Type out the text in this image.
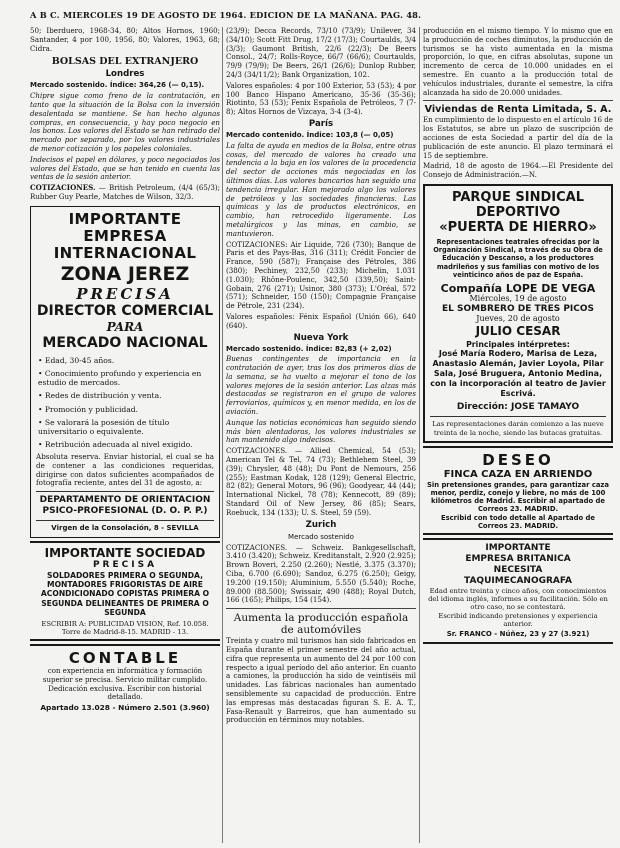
A B C. MIERCOLES 19 DE AGOSTO DE 1964. EDICION DE LA MAÑANA. PAG. 48.

50; Iberduero, 1968-34, 80; Altos Hornos, 1960; Santander, 4 por 100, 1956, 80; Valores, 1963, 68; Cidra.

BOLSAS DEL EXTRANJERO
Londres

Mercado sostenido. Índice: 364,26 (— 0,15).

Chipre sigue como freno de la contratación, en tanto que la situación de la Bolsa con la inversión desalentada se mantiene. Se han hecho algunas compras, en consecuencia, y hay poco negocio en los bonos. Los valores del Estado se han retirado del mercado por separado, por los valores industriales de menor cotización y los papeles coloniales.

Indecisos el papel en dólares, y poco negociados los valores del Estado, que se han tenido en cuenta las ventas de la sesión anterior.

COTIZACIONES. — British Petroleum, (4/4 (65/3); Rubber Guy Pearle, Matches de Wilson, 32/3.

IMPORTANTE
EMPRESA INTERNACIONAL
ZONA JEREZ
PRECISA
DIRECTOR COMERCIAL
PARA
MERCADO NACIONAL
• Edad, 30-45 años.
• Conocimiento profundo y experiencia en estudio de mercados.
• Redes de distribución y venta.
• Promoción y publicidad.
• Se valorará la posesión de título universitario o equivalente.
• Retribución adecuada al nivel exigido.

Absoluta reserva. Enviar historial, el cual se ha de contener a las condiciones requeridas, dirigirse con datos suficientes acompañados de fotografía reciente, antes del 31 de agosto, a:

DEPARTAMENTO DE ORIENTACION
PSICO-PROFESIONAL (D. O. P. P.)
Virgen de la Consolación, 8 - SEVILLA
IMPORTANTE SOCIEDAD
PRECISA
SOLDADORES PRIMERA O SEGUNDA, MONTADORES FRIGORISTAS DE AIRE ACONDICIONADO COPISTAS PRIMERA O SEGUNDA DELINEANTES DE PRIMERA O SEGUNDA
ESCRIBIR A: PUBLICIDAD VISION, Ref. 10.058. Torre de Madrid-8-15. MADRID - 13.
CONTABLE
con experiencia en informática y formación superior se precisa. Servicio militar cumplido. Dedicación exclusiva. Escribir con historial detallado.
Apartado 13.028 - Número 2.501 (3.960)

(23/9); Decca Records, 73/10 (73/9); Unilever, 34 (34/10); Scott Fitt Drug, 17/2 (17/3); Courtaulds, 3/4 (3/3); Gaumont British, 22/6 (22/3); De Beers Consol., 24/7; Rolls-Royce, 66/7 (66/6); Courtaulds, 79/9 (79/9); De Beers, 26/1 (26/6); Dunlop Rubber, 24/3 (34/11/2); Bank Organization, 102.

Valores españoles: 4 por 100 Exterior, 53 (53); 4 por 100 Banco Hispano Americano, 35-36 (35-36); Riotinto, 53 (53); Fenix Española de Petróleos, 7 (7-8); Altos Hornos de Vizcaya, 3-4 (3-4).

París

Mercado contenido. Índice: 103,8 (— 0,05)

La falta de ayuda en medios de la Bolsa, entre otras cosas, del mercado de valores ha creado una tendencia a la baja en los valores de la procedencia del sector de acciones más negociadas en los últimos días. Los valores bancarios han seguido una tendencia irregular. Han mejorado algo los valores de petróleos y las sociedades financieras. Las químicas y las de productos electrónicos, en cambio, han retrocedido ligeramente. Los metalúrgicos y las minas, en cambio, se mantuvieron.

COTIZACIONES: Air Liquide, 726 (730); Banque de Paris et des Pays-Bas, 316 (311); Crédit Foncier de France, 590 (587); Française des Pétroles, 386 (380); Pechiney, 232,50 (233); Michelin, 1.031 (1.030); Rhône-Poulenc, 342,50 (339,50); Saint-Gobain, 276 (271); Usinor, 380 (373); L'Oréal, 572 (571); Schneider, 150 (150); Compagnie Française de Pétrole, 231 (234).

Valores españoles: Fénix Español (Unión 66), 640 (640).

Nueva York

Mercado sostenido. Índice: 82,83 (+ 2,02)

Buenas contingentes de importancia en la contratación de ayer, tras los dos primeros días de la semana, se ha vuelto a mejorar el tono de los valores mejores de la sesión anterior. Las alzas más destacadas se registraron en el grupo de valores ferroviarios, químicos y, en menor medida, en los de aviación.

Aunque las noticias económicas han seguido siendo más bien alentadoras, los valores industriales se han mantenido algo indecisos.

COTIZACIONES. — Allied Chemical, 54 (53); American Tel & Tel, 74 (73); Bethlehem Steel, 39 (39); Chrysler, 48 (48); Du Pont de Nemours, 256 (255); Eastman Kodak, 128 (129); General Electric, 82 (82); General Motors, 96 (96); Goodyear, 44 (44); International Nickel, 78 (78); Kennecott, 89 (89); Standard Oil of New Jersey, 86 (85); Sears, Roebuck, 134 (133); U. S. Steel, 59 (59).

Zurich
Mercado sostenido

COTIZACIONES. — Schweiz. Bankgesellschaft, 3.410 (3.420); Schweiz. Kreditanstalt, 2.920 (2.925); Brown Boveri, 2.250 (2.260); Nestlé, 3.375 (3.370); Ciba, 6.700 (6.690); Sandoz, 6.275 (6.250); Geigy, 19.200 (19.150); Aluminium, 5.550 (5.540); Roche, 89.000 (88.500); Swissair, 490 (488); Royal Dutch, 166 (165); Philips, 154 (154).

Aumenta la producción española de automóviles

Treinta y cuatro mil turismos han sido fabricados en España durante el primer semestre del año actual, cifra que representa un aumento del 24 por 100 con respecto a igual período del año anterior. En cuanto a camiones, la producción ha sido de veintiséis mil unidades. Las fábricas nacionales han aumentado sensiblemente su capacidad de producción. Entre las empresas más destacadas figuran S. E. A. T., Fasa-Renault y Barreiros, que han aumentado su producción en términos muy notables.

producción en el mismo tiempo. Y lo mismo que en la producción de coches diminutos, la producción de turismos se ha visto aumentada en la misma proporción, lo que, en cifras absolutas, supone un incremento de cerca de 10.000 unidades en el semestre. En cuanto a la producción total de vehículos industriales, durante el semestre, la cifra alcanzada ha sido de 20.000 unidades.

Viviendas de Renta Limitada, S. A.

En cumplimiento de lo dispuesto en el artículo 16 de los Estatutos, se abre un plazo de suscripción de acciones de esta Sociedad a partir del día de la publicación de este anuncio. El plazo terminará el 15 de septiembre.

Madrid, 18 de agosto de 1964.—El Presidente del Consejo de Administración.—N.

PARQUE SINDICAL
DEPORTIVO
«PUERTA DE HIERRO»
Representaciones teatrales ofrecidas por la Organización Sindical, a través de su Obra de Educación y Descanso, a los productores madrileños y sus familias con motivo de los veinticinco años de paz de España.
Compañía LOPE DE VEGA
Miércoles, 19 de agosto
EL SOMBRERO DE TRES PICOS
Jueves, 20 de agosto
JULIO CESAR
Principales intérpretes:
José María Rodero, Marisa de Leza, Anastasio Alemán, Javier Loyola, Pilar Sala, José Bruguera, Antonio Medina, con la incorporación al teatro de Javier Escrivá.
Dirección: JOSE TAMAYO
Las representaciones darán comienzo a las nueve treinta de la noche, siendo las butacas gratuitas.
DESEO
FINCA CAZA EN ARRIENDO
Sin pretensiones grandes, para garantizar caza menor, perdiz, conejo y liebre, no más de 100 kilómetros de Madrid. Escribir al apartado de Correos 23. MADRID.
Escribid con todo detalle al Apartado de Correos 23. MADRID.
IMPORTANTE
EMPRESA BRITANICA
NECESITA
TAQUIMECANOGRAFA
Edad entre treinta y cinco años, con conocimientos del idioma inglés, informes a su facilitación. Sólo en otro caso, no se contestará.
Escribid indicando pretensiones y experiencia anterior.
Sr. FRANCO - Núñez, 23 y 27 (3.921)
